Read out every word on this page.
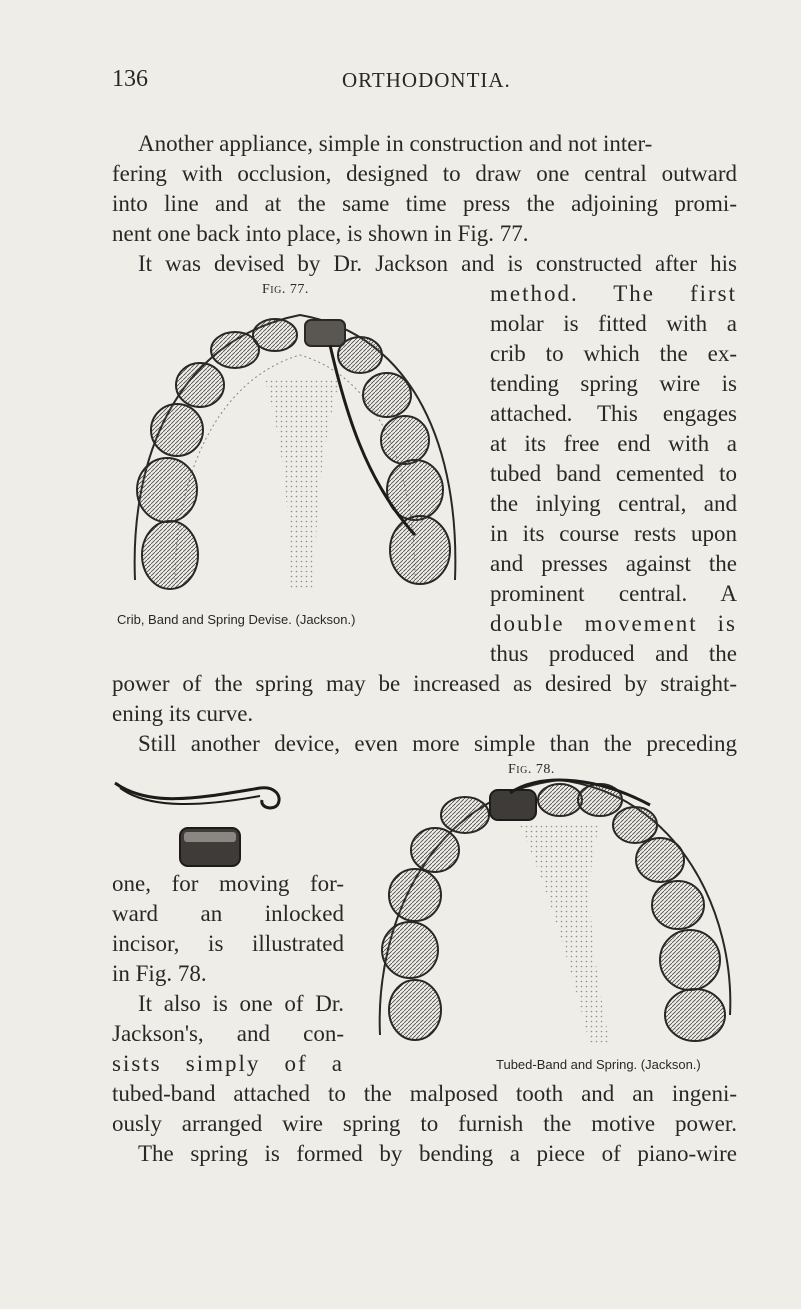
136	ORTHODONTIA.
Another appliance, simple in construction and not inter-
fering with occlusion, designed to draw one central outward
into line and at the same time press the adjoining promi-
nent one back into place, is shown in Fig. 77.
It was devised by Dr. Jackson and is constructed after his
method. The first
molar is fitted with a
crib to which the ex-
tending spring wire is
attached. This engages
at its free end with a
tubed band cemented to
the inlying central, and
in its course rests upon
and presses against the
prominent central. A
double movement is
thus produced and the
power of the spring may be increased as desired by straight-
ening its curve.
Fig. 77.
Crib, Band and Spring Devise. (Jackson.)
Still another device, even more simple than the preceding
one, for moving for-
ward an inlocked
incisor, is illustrated
in Fig. 78.
It also is one of Dr.
Jackson's, and con-
sists simply of a
tubed-band attached to the malposed tooth and an ingeni-
ously arranged wire spring to furnish the motive power.
The spring is formed by bending a piece of piano-wire
Fig. 78.
Tubed-Band and Spring. (Jackson.)
